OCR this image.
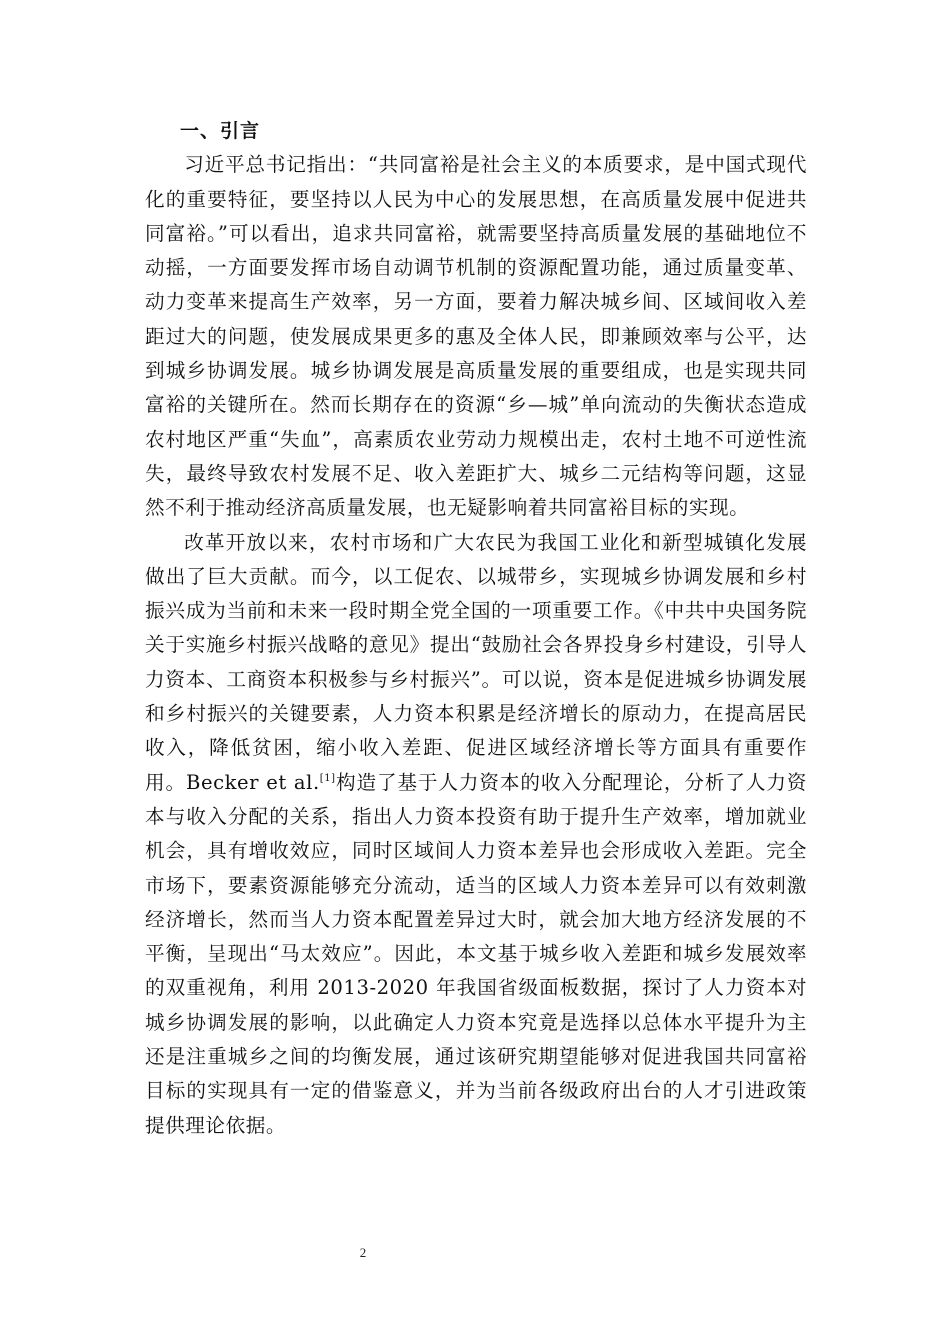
一、引言

习近平总书记指出：“共同富裕是社会主义的本质要求，是中国式现代化的重要特征，要坚持以人民为中心的发展思想，在高质量发展中促进共同富裕。”可以看出，追求共同富裕，就需要坚持高质量发展的基础地位不动摇，一方面要发挥市场自动调节机制的资源配置功能，通过质量变革、动力变革来提高生产效率，另一方面，要着力解决城乡间、区域间收入差距过大的问题，使发展成果更多的惠及全体人民，即兼顾效率与公平，达到城乡协调发展。城乡协调发展是高质量发展的重要组成，也是实现共同富裕的关键所在。然而长期存在的资源“乡—城”单向流动的失衡状态造成农村地区严重“失血”，高素质农业劳动力规模出走，农村土地不可逆性流失，最终导致农村发展不足、收入差距扩大、城乡二元结构等问题，这显然不利于推动经济高质量发展，也无疑影响着共同富裕目标的实现。

改革开放以来，农村市场和广大农民为我国工业化和新型城镇化发展做出了巨大贡献。而今，以工促农、以城带乡，实现城乡协调发展和乡村振兴成为当前和未来一段时期全党全国的一项重要工作。《中共中央国务院关于实施乡村振兴战略的意见》提出“鼓励社会各界投身乡村建设，引导人力资本、工商资本积极参与乡村振兴”。可以说，资本是促进城乡协调发展和乡村振兴的关键要素，人力资本积累是经济增长的原动力，在提高居民收入，降低贫困，缩小收入差距、促进区域经济增长等方面具有重要作用。Becker et al.[1]构造了基于人力资本的收入分配理论，分析了人力资本与收入分配的关系，指出人力资本投资有助于提升生产效率，增加就业机会，具有增收效应，同时区域间人力资本差异也会形成收入差距。完全市场下，要素资源能够充分流动，适当的区域人力资本差异可以有效刺激经济增长，然而当人力资本配置差异过大时，就会加大地方经济发展的不平衡，呈现出“马太效应”。因此，本文基于城乡收入差距和城乡发展效率的双重视角，利用 2013-2020 年我国省级面板数据，探讨了人力资本对城乡协调发展的影响，以此确定人力资本究竟是选择以总体水平提升为主还是注重城乡之间的均衡发展，通过该研究期望能够对促进我国共同富裕目标的实现具有一定的借鉴意义，并为当前各级政府出台的人才引进政策提供理论依据。

2
